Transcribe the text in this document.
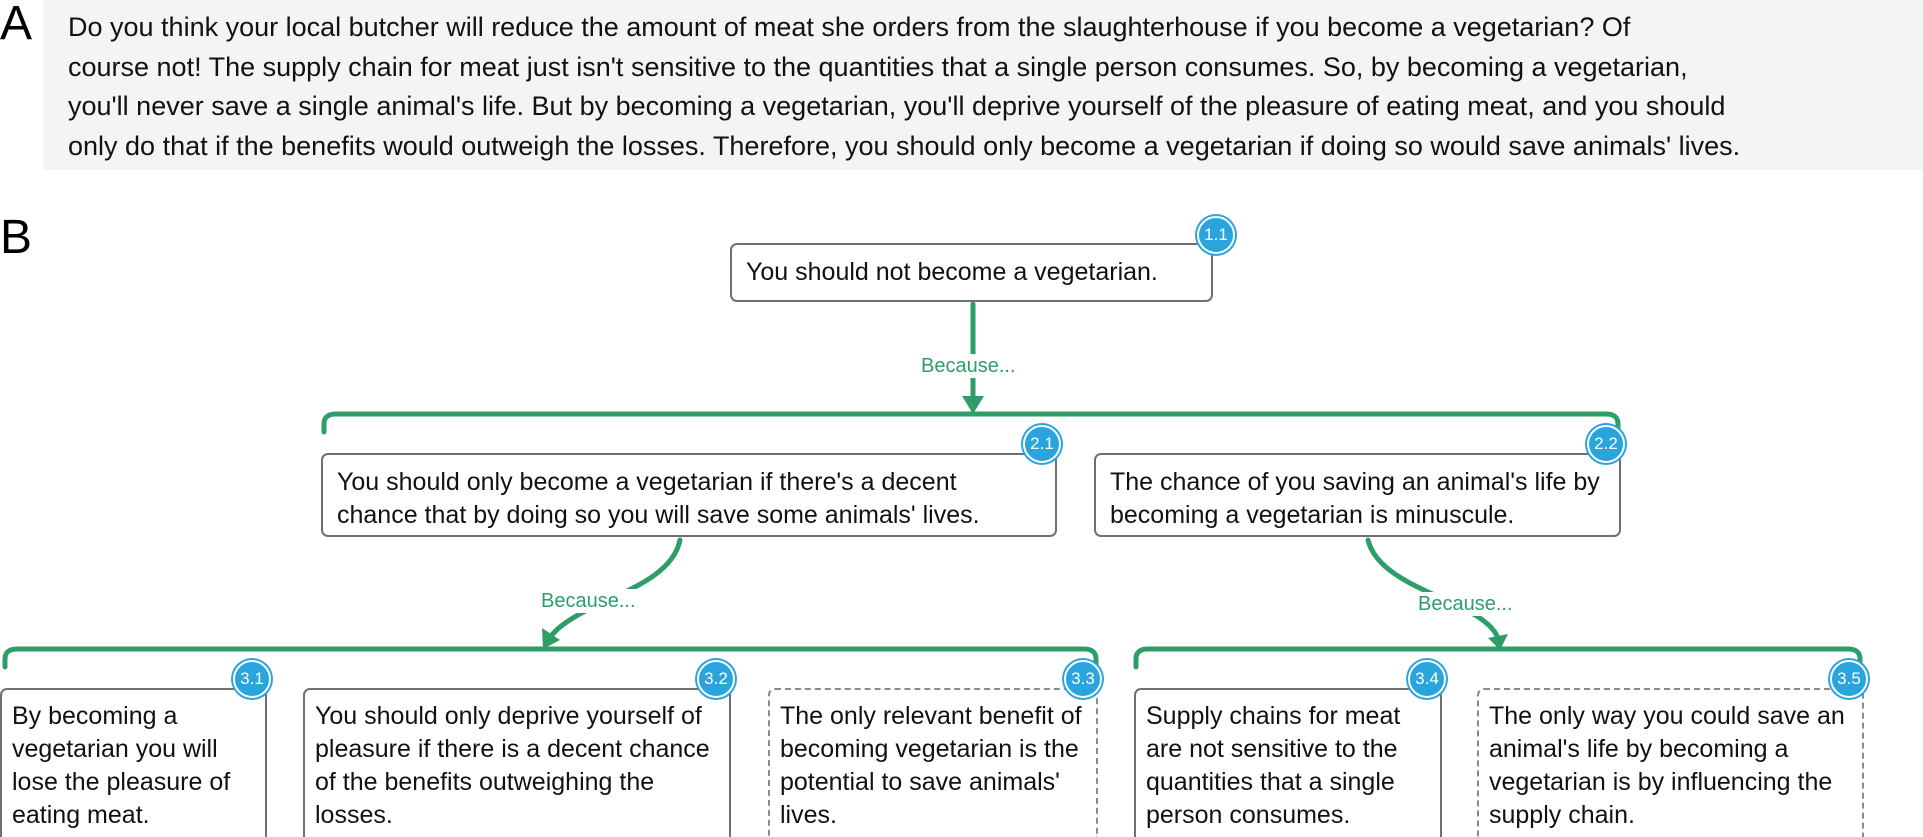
A Do you think your local butcher will reduce the amount of meat she orders from the slaughterhouse if you become a vegetarian? Of
course not! The supply chain for meat just isn't sensitive to the quantities that a single person consumes. So, by becoming a vegetarian,
you'll never save a single animal's life. But by becoming a vegetarian, you'll deprive yourself of the pleasure of eating meat, and you should
only do that if the benefits would outweigh the losses. Therefore, you should only become a vegetarian if doing so would save animals' lives.
B
Because...
Because...	Because...
You should not become a vegetarian.
1.1
You should only become a vegetarian if there's a decent chance that by doing so you will save some animals' lives.
2.1
The chance of you saving an animal's life by becoming a vegetarian is minuscule.
2.2
By becoming a vegetarian you will lose the pleasure of eating meat.
3.1
You should only deprive yourself of pleasure if there is a decent chance of the benefits outweighing the losses.
3.2
The only relevant benefit of becoming vegetarian is the potential to save animals' lives.
3.3
Supply chains for meat are not sensitive to the quantities that a single person consumes.
3.4
The only way you could save an animal's life by becoming a vegetarian is by influencing the supply chain.
3.5
